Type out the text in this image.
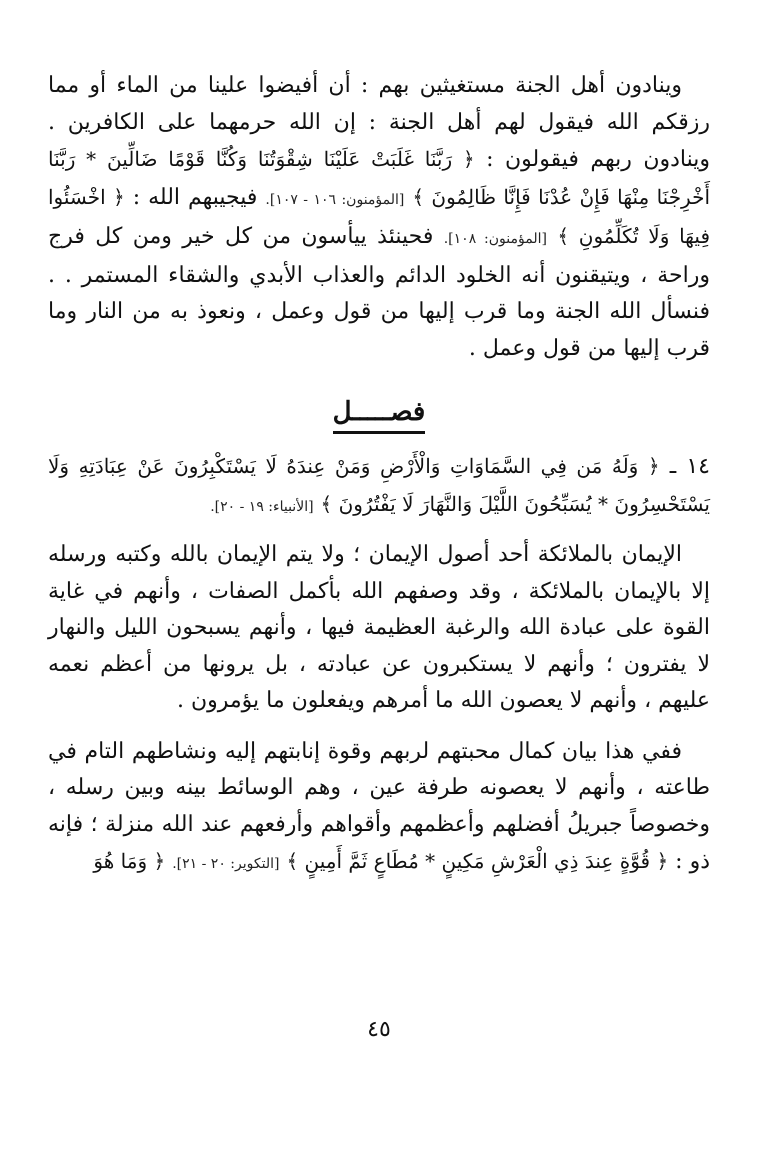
وينادون أهل الجنة مستغيثين بهم : أن أفيضوا علينا من الماء أو مما رزقكم الله فيقول لهم أهل الجنة : إن الله حرمهما على الكافرين . وينادون ربهم فيقولون : ﴿ رَبَّنَا غَلَبَتْ عَلَيْنَا شِقْوَتُنَا وَكُنَّا قَوْمًا ضَالِّينَ * رَبَّنَا أَخْرِجْنَا مِنْهَا فَإِنْ عُدْنَا فَإِنَّا ظَالِمُونَ ﴾ [المؤمنون: ١٠٦ - ١٠٧]. فيجيبهم الله : ﴿ اخْسَئُوا فِيهَا وَلَا تُكَلِّمُونِ ﴾ [المؤمنون: ١٠٨]. فحينئذ ييأسون من كل خير ومن كل فرج وراحة ، ويتيقنون أنه الخلود الدائم والعذاب الأبدي والشقاء المستمر . . فنسأل الله الجنة وما قرب إليها من قول وعمل ، ونعوذ به من النار وما قرب إليها من قول وعمل .

فصـــــل

١٤ ـ ﴿ وَلَهُ مَن فِي السَّمَاوَاتِ وَالْأَرْضِ وَمَنْ عِندَهُ لَا يَسْتَكْبِرُونَ عَنْ عِبَادَتِهِ وَلَا يَسْتَحْسِرُونَ * يُسَبِّحُونَ اللَّيْلَ وَالنَّهَارَ لَا يَفْتُرُونَ ﴾ [الأنبياء: ١٩ - ٢٠].

الإيمان بالملائكة أحد أصول الإيمان ؛ ولا يتم الإيمان بالله وكتبه ورسله إلا بالإيمان بالملائكة ، وقد وصفهم الله بأكمل الصفات ، وأنهم في غاية القوة على عبادة الله والرغبة العظيمة فيها ، وأنهم يسبحون الليل والنهار لا يفترون ؛ وأنهم لا يستكبرون عن عبادته ، بل يرونها من أعظم نعمه عليهم ، وأنهم لا يعصون الله ما أمرهم ويفعلون ما يؤمرون .

ففي هذا بيان كمال محبتهم لربهم وقوة إنابتهم إليه ونشاطهم التام في طاعته ، وأنهم لا يعصونه طرفة عين ، وهم الوسائط بينه وبين رسله ، وخصوصاً جبريلُ أفضلهم وأعظمهم وأقواهم وأرفعهم عند الله منزلة ؛ فإنه ذو : ﴿ قُوَّةٍ عِندَ ذِي الْعَرْشِ مَكِينٍ * مُطَاعٍ ثَمَّ أَمِينٍ ﴾ [التكوير: ٢٠ - ٢١]. ﴿ وَمَا هُوَ

٤٥
